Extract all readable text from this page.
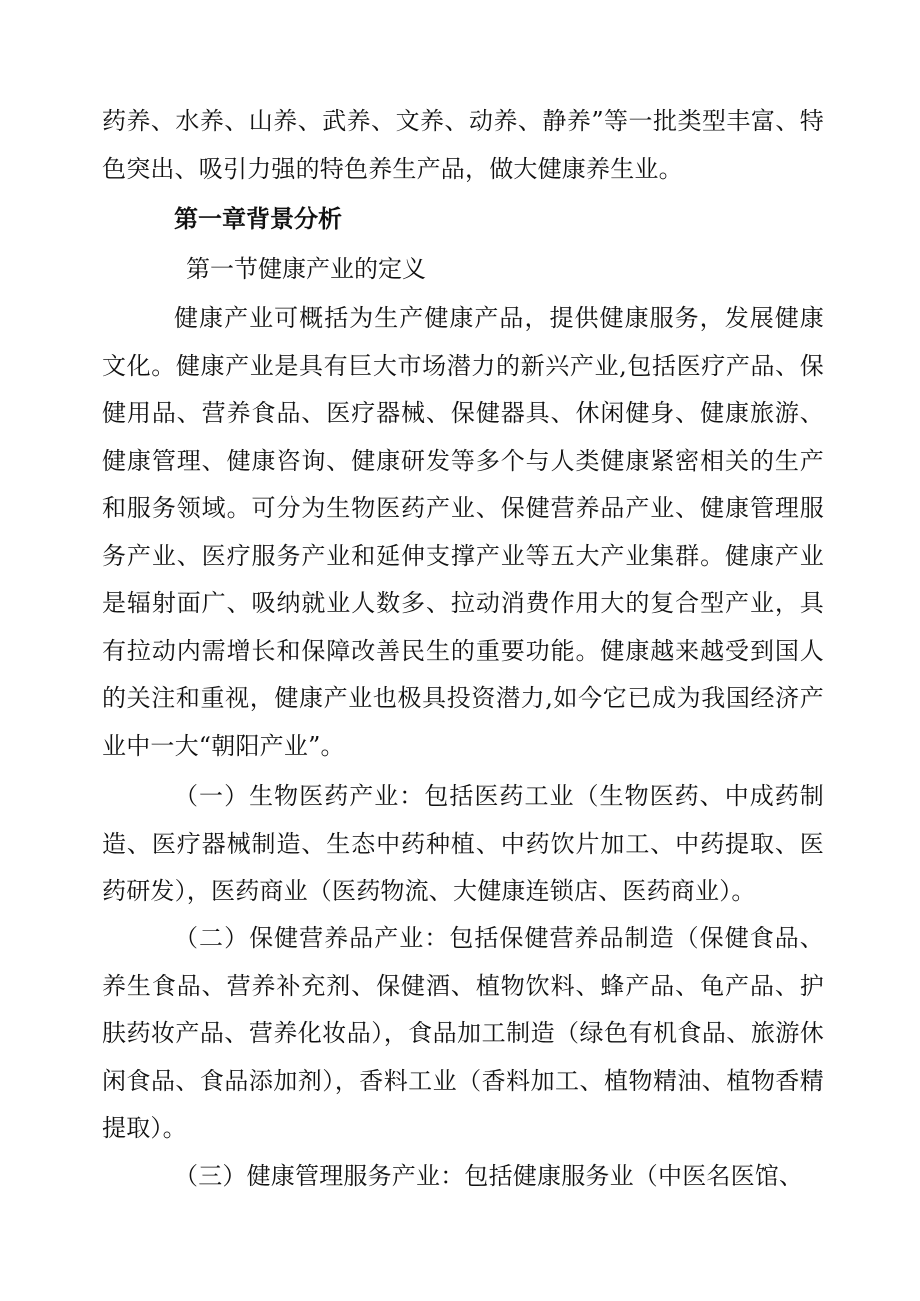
药养、水养、山养、武养、文养、动养、静养”等一批类型丰富、特色突出、吸引力强的特色养生产品，做大健康养生业。
第一章背景分析
第一节健康产业的定义
健康产业可概括为生产健康产品，提供健康服务，发展健康文化。健康产业是具有巨大市场潜力的新兴产业,包括医疗产品、保健用品、营养食品、医疗器械、保健器具、休闲健身、健康旅游、健康管理、健康咨询、健康研发等多个与人类健康紧密相关的生产和服务领域。可分为生物医药产业、保健营养品产业、健康管理服务产业、医疗服务产业和延伸支撑产业等五大产业集群。健康产业是辐射面广、吸纳就业人数多、拉动消费作用大的复合型产业，具有拉动内需增长和保障改善民生的重要功能。健康越来越受到国人的关注和重视，健康产业也极具投资潜力,如今它已成为我国经济产业中一大“朝阳产业”。
（一）生物医药产业：包括医药工业（生物医药、中成药制造、医疗器械制造、生态中药种植、中药饮片加工、中药提取、医药研发），医药商业（医药物流、大健康连锁店、医药商业）。
（二）保健营养品产业：包括保健营养品制造（保健食品、养生食品、营养补充剂、保健酒、植物饮料、蜂产品、龟产品、护肤药妆产品、营养化妆品），食品加工制造（绿色有机食品、旅游休闲食品、食品添加剂），香料工业（香料加工、植物精油、植物香精提取）。
（三）健康管理服务产业：包括健康服务业（中医名医馆、
